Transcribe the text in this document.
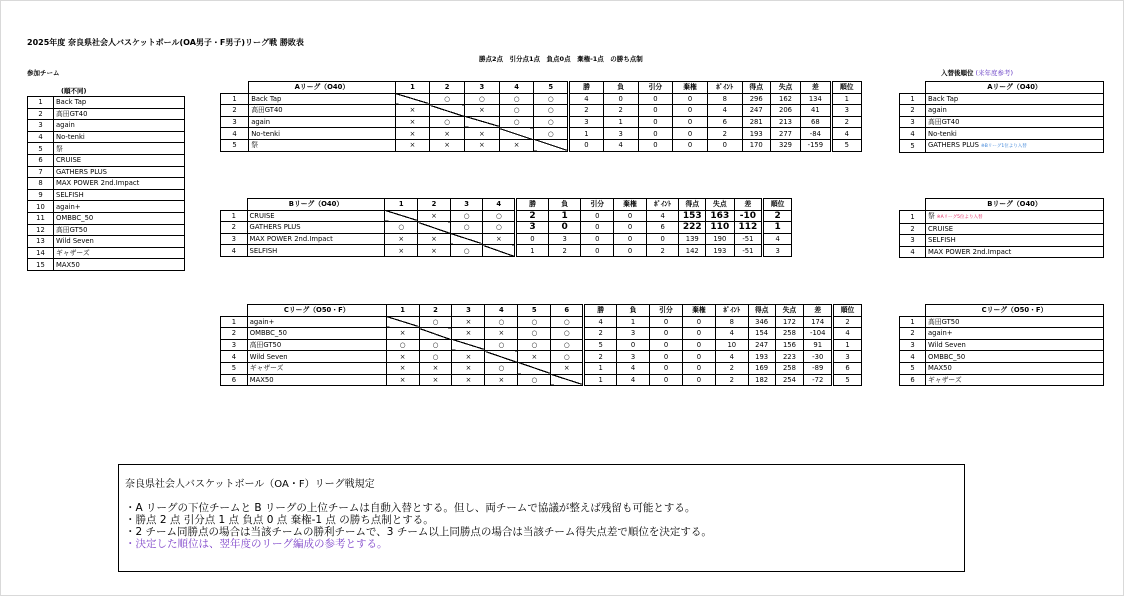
2025年度 奈良県社会人バスケットボール(OA男子・F男子)リーグ戦 勝敗表
勝点2点　引分点1点　負点0点　棄権-1点　の勝ち点制
参加チーム
(順不同)
入替後順位 (来年度参考)
1	Back Tap
2	高田GT40
3	again
4	No-tenki
5	祭
6	CRUISE
7	GATHERS PLUS
8	MAX POWER 2nd.Impact
9	SELFISH
10	again+
11	OMBBC_50
12	高田GT50
13	Wild Seven
14	ギャザーズ
15	MAX50
	Aリーグ（O40）	1	2	3	4	5	勝	負	引分	棄権	ﾎﾟｲﾝﾄ	得点	失点	差	順位
1	Back Tap		○	○	○	○	4	0	0	0	8	296	162	134	1
2	高田GT40	×		×	○	○	2	2	0	0	4	247	206	41	3
3	again	×	○		○	○	3	1	0	0	6	281	213	68	2
4	No-tenki	×	×	×		○	1	3	0	0	2	193	277	-84	4
5	祭	×	×	×	×		0	4	0	0	0	170	329	-159	5
	Bリーグ（O40）	1	2	3	4	勝	負	引分	棄権	ﾎﾟｲﾝﾄ	得点	失点	差	順位
1	CRUISE		×	○	○	2	1	0	0	4	153	163	-10	2
2	GATHERS PLUS	○		○	○	3	0	0	0	6	222	110	112	1
3	MAX POWER 2nd.Impact	×	×		×	0	3	0	0	0	139	190	-51	4
4	SELFISH	×	×	○		1	2	0	0	2	142	193	-51	3
	Cリーグ（O50・F）	1	2	3	4	5	6	勝	負	引分	棄権	ﾎﾟｲﾝﾄ	得点	失点	差	順位
1	again+		○	×	○	○	○	4	1	0	0	8	346	172	174	2
2	OMBBC_50	×		×	×	○	○	2	3	0	0	4	154	258	-104	4
3	高田GT50	○	○		○	○	○	5	0	0	0	10	247	156	91	1
4	Wild Seven	×	○	×		×	○	2	3	0	0	4	193	223	-30	3
5	ギャザーズ	×	×	×	○		×	1	4	0	0	2	169	258	-89	6
6	MAX50	×	×	×	×	○		1	4	0	0	2	182	254	-72	5
	Aリーグ（O40）
1	Back Tap
2	again
3	高田GT40
4	No-tenki
5	GATHERS PLUS ※Bリーグ1位より入替
	Bリーグ（O40）
1	祭 ※Aリーグ5位より入替
2	CRUISE
3	SELFISH
4	MAX POWER 2nd.Impact
	Cリーグ（O50・F）
1	高田GT50
2	again+
3	Wild Seven
4	OMBBC_50
5	MAX50
6	ギャザーズ
奈良県社会人バスケットボール（OA・F）リーグ戦規定
・A リーグの下位チームと B リーグの上位チームは自動入替とする。但し、両チームで協議が整えば残留も可能とする。
・勝点 2 点 引分点 1 点 負点 0 点 棄権-1 点 の勝ち点制とする。
・2 チーム同勝点の場合は当該チームの勝利チームで、3 チーム以上同勝点の場合は当該チーム得失点差で順位を決定する。
・決定した順位は、翌年度のリーグ編成の参考とする。
